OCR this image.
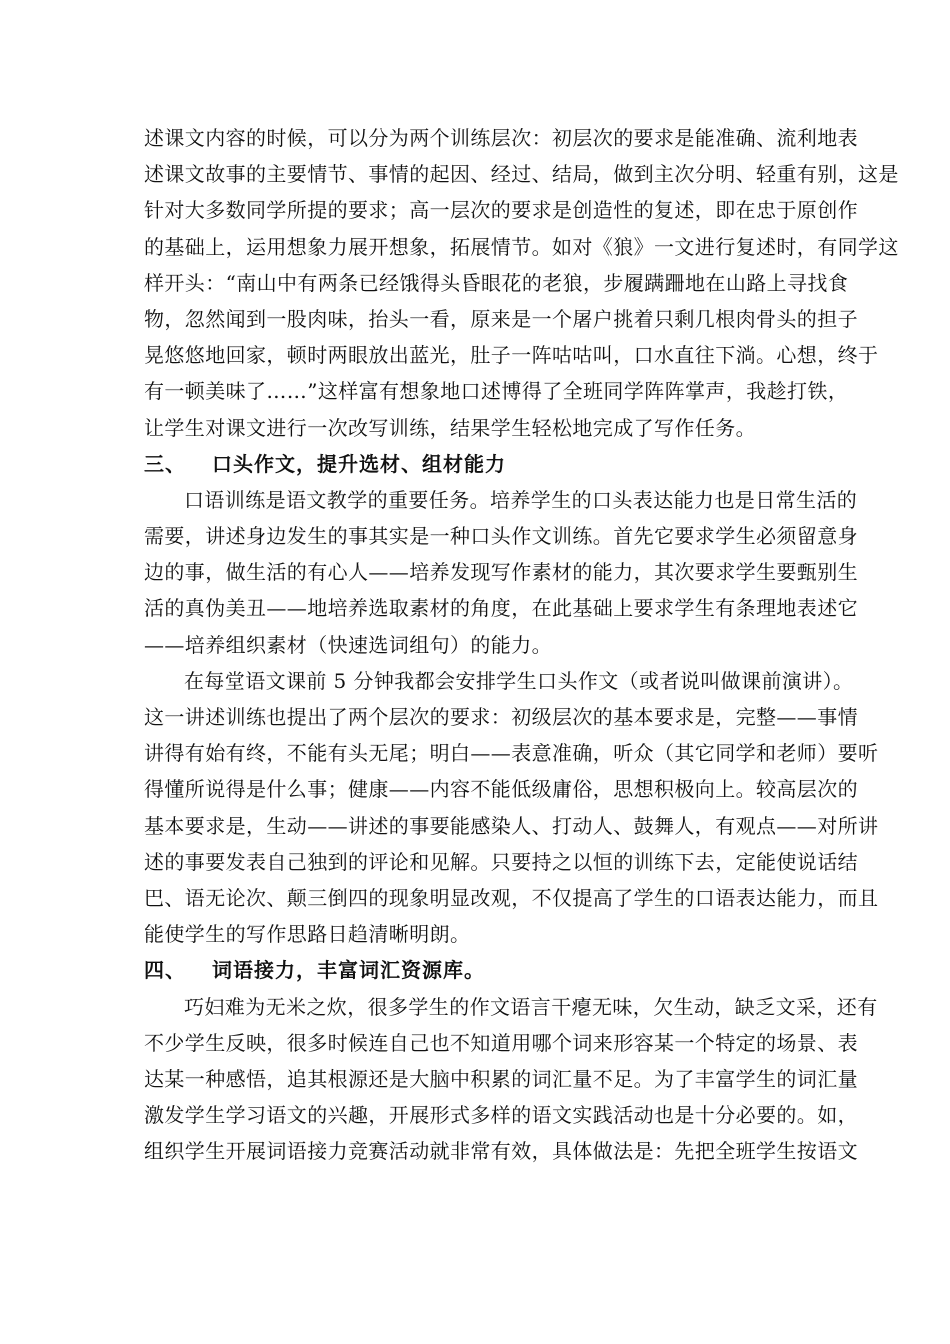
述课文内容的时候，可以分为两个训练层次：初层次的要求是能准确、流利地表
述课文故事的主要情节、事情的起因、经过、结局，做到主次分明、轻重有别，这是
针对大多数同学所提的要求；高一层次的要求是创造性的复述，即在忠于原创作
的基础上，运用想象力展开想象，拓展情节。如对《狼》一文进行复述时，有同学这
样开头：“南山中有两条已经饿得头昏眼花的老狼，步履蹒跚地在山路上寻找食
物，忽然闻到一股肉味，抬头一看，原来是一个屠户挑着只剩几根肉骨头的担子
晃悠悠地回家，顿时两眼放出蓝光，肚子一阵咕咕叫，口水直往下淌。心想，终于
有一顿美味了……”这样富有想象地口述博得了全班同学阵阵掌声，我趁打铁，
让学生对课文进行一次改写训练，结果学生轻松地完成了写作任务。
三、 口头作文，提升选材、组材能力
口语训练是语文教学的重要任务。培养学生的口头表达能力也是日常生活的
需要，讲述身边发生的事其实是一种口头作文训练。首先它要求学生必须留意身
边的事，做生活的有心人——培养发现写作素材的能力，其次要求学生要甄别生
活的真伪美丑——地培养选取素材的角度，在此基础上要求学生有条理地表述它
——培养组织素材（快速选词组句）的能力。
在每堂语文课前 5 分钟我都会安排学生口头作文（或者说叫做课前演讲）。
这一讲述训练也提出了两个层次的要求：初级层次的基本要求是，完整——事情
讲得有始有终，不能有头无尾；明白——表意准确，听众（其它同学和老师）要听
得懂所说得是什么事；健康——内容不能低级庸俗，思想积极向上。较高层次的
基本要求是，生动——讲述的事要能感染人、打动人、鼓舞人，有观点——对所讲
述的事要发表自己独到的评论和见解。只要持之以恒的训练下去，定能使说话结
巴、语无论次、颠三倒四的现象明显改观，不仅提高了学生的口语表达能力，而且
能使学生的写作思路日趋清晰明朗。
四、 词语接力，丰富词汇资源库。
巧妇难为无米之炊，很多学生的作文语言干瘪无味，欠生动，缺乏文采，还有
不少学生反映，很多时候连自己也不知道用哪个词来形容某一个特定的场景、表
达某一种感悟，追其根源还是大脑中积累的词汇量不足。为了丰富学生的词汇量
激发学生学习语文的兴趣，开展形式多样的语文实践活动也是十分必要的。如，
组织学生开展词语接力竞赛活动就非常有效，具体做法是：先把全班学生按语文
